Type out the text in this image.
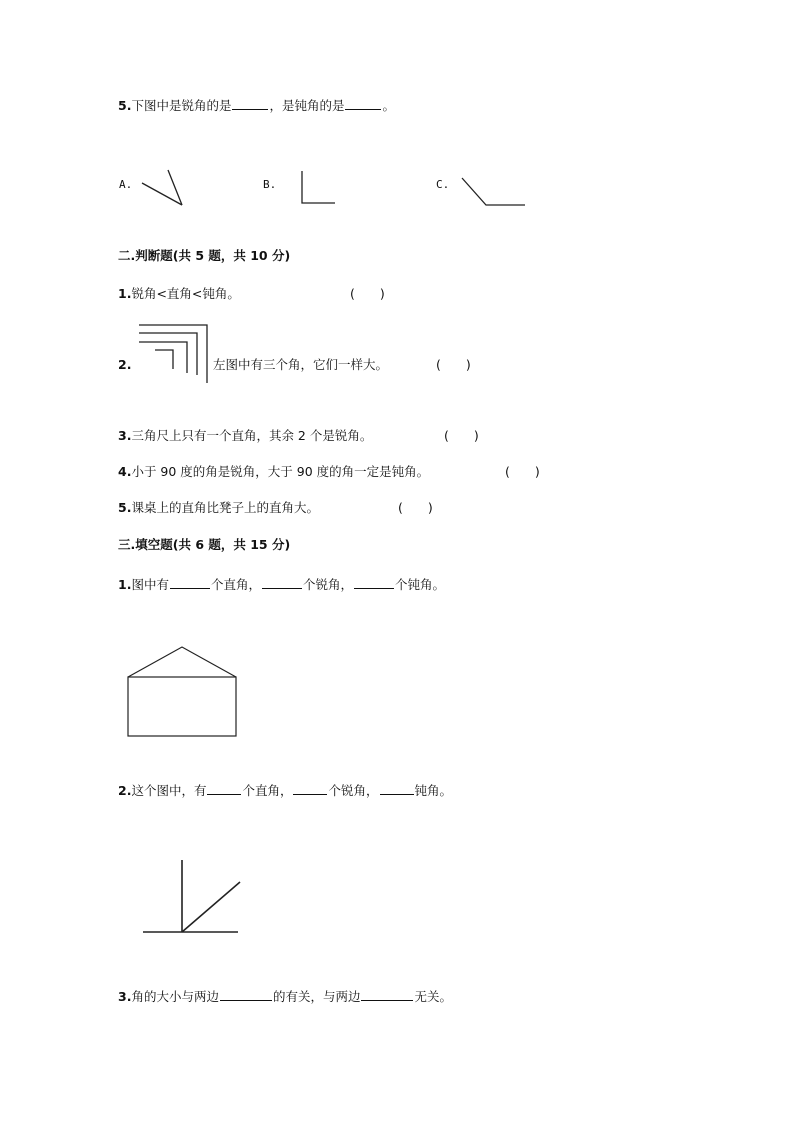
5.下图中是锐角的是	，是钝角的是	。
A.	B.	C.
二.判断题(共 5 题，共 10 分)
1.锐角<直角<钝角。	(　　)
2.	左图中有三个角，它们一样大。	(　　)
3.三角尺上只有一个直角，其余 2 个是锐角。	(　　)
4.小于 90 度的角是锐角，大于 90 度的角一定是钝角。	(　　)
5.课桌上的直角比凳子上的直角大。	(　　)
三.填空题(共 6 题，共 15 分)
1.图中有	个直角，	个锐角，	个钝角。
2.这个图中，有	个直角，	个锐角，	钝角。
3.角的大小与两边	的有关，与两边	无关。
